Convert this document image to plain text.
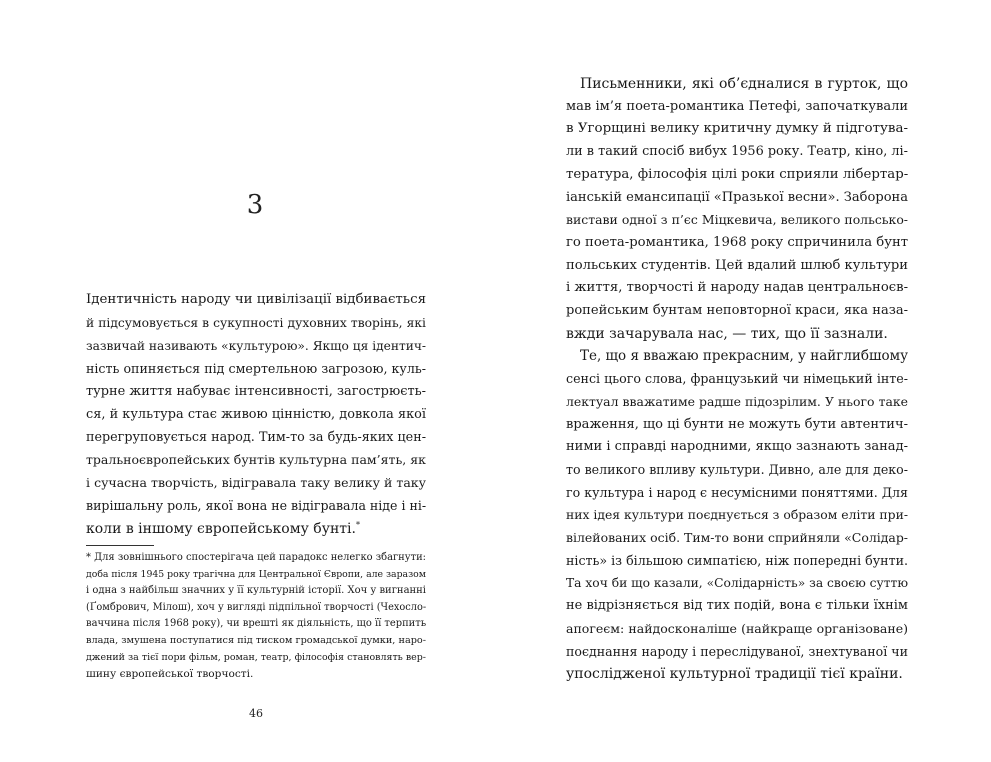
3
Ідентичність народу чи цивілізації відбивається
й підсумовується в сукупності духовних творінь, які
зазвичай називають «культурою». Якщо ця ідентич-
ність опиняється під смертельною загрозою, куль-
турне життя набуває інтенсивності, загострюєть-
ся, й культура стає живою цінністю, довкола якої
перегруповується народ. Тим-то за будь-яких цен-
тральноєвропейських бунтів культурна пам’ять, як
і сучасна творчість, відігравала таку велику й таку
вирішальну роль, якої вона не відігравала ніде і ні-
коли в іншому європейському бунті.*
* Для зовнішнього спостерігача цей парадокс нелегко збагнути:
доба після 1945 року трагічна для Центральної Європи, але заразом
і одна з найбільш значних у її культурній історії. Хоч у вигнанні
(Ґомбрович, Мілош), хоч у вигляді підпільної творчості (Чехосло-
ваччина після 1968 року), чи врешті як діяльність, що її терпить
влада, змушена поступатися під тиском громадської думки, наро-
джений за тієї пори фільм, роман, театр, філософія становлять вер-
шину європейської творчості.
46
Письменники, які об’єдналися в гурток, що
мав ім’я поета-романтика Петефі, започаткували
в Угорщині велику критичну думку й підготува-
ли в такий спосіб вибух 1956 року. Театр, кіно, лі-
тература, філософія цілі роки сприяли лібертар-
іанській емансипації «Празької весни». Заборона
вистави одної з п’єс Міцкевича, великого польсько-
го поета-романтика, 1968 року спричинила бунт
польських студентів. Цей вдалий шлюб культури
і життя, творчості й народу надав центральноєв-
ропейським бунтам неповторної краси, яка наза-
вжди зачарувала нас, — тих, що її зазнали.
Те, що я вважаю прекрасним, у найглибшому
сенсі цього слова, французький чи німецький інте-
лектуал вважатиме радше підозрілим. У нього таке
враження, що ці бунти не можуть бути автентич-
ними і справді народними, якщо зазнають занад-
то великого впливу культури. Дивно, але для деко-
го культура і народ є несумісними поняттями. Для
них ідея культури поєднується з образом еліти при-
вілейованих осіб. Тим-то вони сприйняли «Солідар-
ність» із більшою симпатією, ніж попередні бунти.
Та хоч би що казали, «Солідарність» за своєю суттю
не відрізняється від тих подій, вона є тільки їхнім
апогеєм: найдосконаліше (найкраще організоване)
поєднання народу і переслідуваної, знехтуваної чи
упослідженої культурної традиції тієї країни.
